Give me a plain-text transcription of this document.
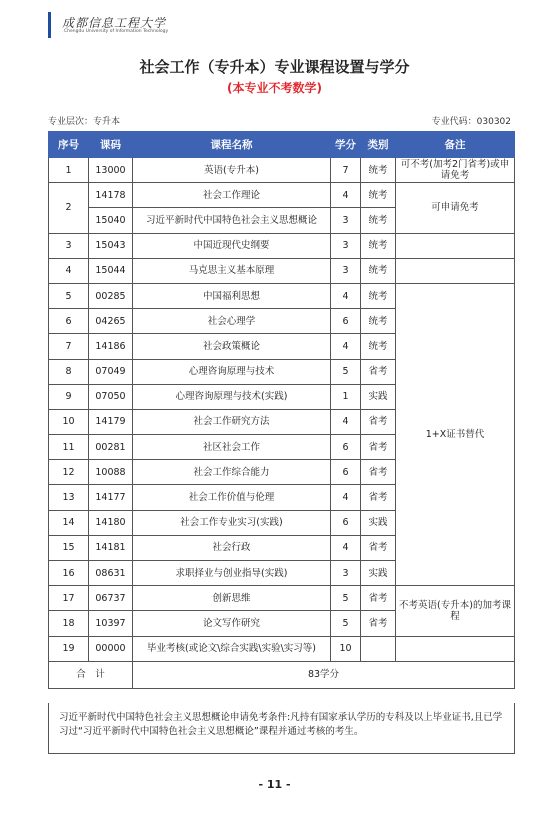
成都信息工程大学
Chengdu University of Information Technology
社会工作（专升本）专业课程设置与学分
(本专业不考数学)
专业层次：专升本	专业代码：030302
序号	课码	课程名称	学分	类别	备注
1	13000	英语(专升本)	7	统考	可不考(加考2门省考)或申请免考
2	14178	社会工作理论	4	统考	可申请免考
	15040	习近平新时代中国特色社会主义思想概论	3	统考	
3	15043	中国近现代史纲要	3	统考	
4	15044	马克思主义基本原理	3	统考	
5	00285	中国福利思想	4	统考	1+X证书替代
6	04265	社会心理学	6	统考	
7	14186	社会政策概论	4	统考	
8	07049	心理咨询原理与技术	5	省考	
9	07050	心理咨询原理与技术(实践)	1	实践	
10	14179	社会工作研究方法	4	省考	
11	00281	社区社会工作	6	省考	
12	10088	社会工作综合能力	6	省考	
13	14177	社会工作价值与伦理	4	省考	
14	14180	社会工作专业实习(实践)	6	实践	
15	14181	社会行政	4	省考	
16	08631	求职择业与创业指导(实践)	3	实践	
17	06737	创新思维	5	省考	不考英语(专升本)的加考课程
18	10397	论文写作研究	5	省考	
19	00000	毕业考核(或论文\综合实践\实验\实习等)	10		
合　计		83学分			
习近平新时代中国特色社会主义思想概论申请免考条件:凡持有国家承认学历的专科及以上毕业证书,且已学习过“习近平新时代中国特色社会主义思想概论”课程并通过考核的考生。
- 11 -
